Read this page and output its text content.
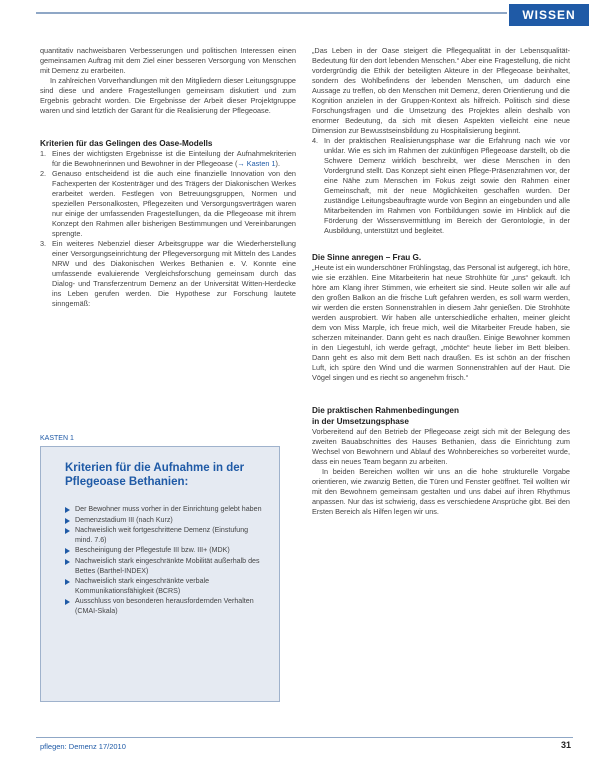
WISSEN

quantitativ nachweisbaren Verbesserungen und politischen Interessen einen gemeinsamen Auftrag mit dem Ziel einer besseren Versorgung von Menschen mit Demenz zu erarbeiten.

In zahlreichen Vorverhandlungen mit den Mitgliedern dieser Leitungsgruppe sind diese und andere Fragestellungen gemeinsam diskutiert und zum Ergebnis gebracht worden. Die Ergebnisse der Arbeit dieser Projektgruppe waren und sind letztlich der Garant für die Realisierung der Pflegeoase.

Kriterien für das Gelingen des Oase-Modells

1. Eines der wichtigsten Ergebnisse ist die Einteilung der Aufnahmekriterien für die Bewohnerinnen und Bewohner in der Pflegeoase (→ Kasten 1).
2. Genauso entscheidend ist die auch eine finanzielle Innovation von den Fachexperten der Kostenträger und des Trägers der Diakonischen Werkes erarbeitet werden. Festlegen von Betreuungsgruppen, Normen und speziellen Personalkosten, Pflegezeiten und Versorgungsverträgen waren nur einige der umfassenden Fragestellungen, da die Pflegeoase mit ihrem Konzept den Rahmen aller bisherigen Bestimmungen und Vereinbarungen sprengte.
3. Ein weiteres Nebenziel dieser Arbeitsgruppe war die Wiederherstellung einer Versorgungseinrichtung der Pflegeversorgung mit Mitteln des Landes NRW und des Diakonischen Werkes Bethanien e. V. Konnte eine umfassende evaluierende Vergleichsforschung gemeinsam durch das Dialog- und Transferzentrum Demenz an der Universität Witten-Herdecke ins Leben gerufen werden. Die Hypothese zur Forschung lautete sinngemäß:
KASTEN 1

Kriterien für die Aufnahme in der Pflegeoase Bethanien:

Der Bewohner muss vorher in der Einrichtung gelebt haben
Demenzstadium III (nach Kurz)
Nachweislich weit fortgeschrittene Demenz (Einstufung mind. 7.6)
Bescheinigung der Pflegestufe III bzw. III+ (MDK)
Nachweislich stark eingeschränkte Mobilität außerhalb des Bettes (Barthel-INDEX)
Nachweislich stark eingeschränkte verbale Kommunikationsfähigkeit (BCRS)
Ausschluss von besonderen herausfordernden Verhalten (CMAI-Skala)

„Das Leben in der Oase steigert die Pflegequalität in der Lebensqualität-Bedeutung für den dort lebenden Menschen.“ Aber eine Fragestellung, die nicht vordergründig die Ethik der beteiligten Akteure in der Pflegeoase beinhaltet, sondern des Wohlbefindens der lebenden Menschen, um dadurch eine Aussage zu treffen, ob den Menschen mit Demenz, deren Orientierung und die Kognition anzielen in der Gruppen-Kontext als hilfreich. Politisch sind diese Forschungsfragen und die Umsetzung des Projektes allein deshalb von enormer Bedeutung, da sich mit diesen Aspekten vielleicht eine neue Dimension zur Bewusstseinsbildung zu Hospitalisierung beginnt.

4. In der praktischen Realisierungsphase war die Erfahrung nach wie vor unklar. Wie es sich im Rahmen der zukünftigen Pflegeoase darstellt, ob die Schwere Demenz wirklich beschreibt, wer diese Menschen in den Vordergrund stellt. Das Konzept sieht einen Pflege-Präsenzrahmen vor, der eine Nähe zum Menschen im Fokus zeigt sowie den Rahmen einer Gemeinschaft, mit der neue Möglichkeiten geschaffen wurden. Der zuständige Leitungsbeauftragte wurde von Beginn an eingebunden und alle Mitarbeitenden im Rahmen von Fortbildungen sowie im Hinblick auf die Förderung der Wissensvermittlung im Bereich der Gerontologie, in der Ausbildung, unterstützt und begleitet.

Die Sinne anregen – Frau G.

„Heute ist ein wunderschöner Frühlingstag, das Personal ist aufgeregt, ich höre, wie sie erzählen. Eine Mitarbeiterin hat neue Strohhüte für „uns“ gekauft. Ich höre am Klang ihrer Stimmen, wie erheitert sie sind. Heute sollen wir alle auf den großen Balkon an die frische Luft gefahren werden, es soll warm werden, wir werden die ersten Sonnenstrahlen in diesem Jahr genießen. Die Strohhüte werden ausprobiert. Wir haben alle unterschiedliche erhalten, meiner gleicht dem von Miss Marple, ich freue mich, weil die Mitarbeiter Freude haben, sie scherzen miteinander. Dann geht es nach draußen. Einige Bewohner kommen in den Liegestuhl, ich werde gefragt, „möchte“ heute lieber im Bett bleiben. Dann geht es also mit dem Bett nach draußen. Es ist schön an der frischen Luft, ich spüre den Wind und die warmen Sonnenstrahlen auf der Haut. Die Vögel singen und es riecht so angenehm frisch.“

Die praktischen Rahmenbedingungen

in der Umsetzungsphase

Vorbereitend auf den Betrieb der Pflegeoase zeigt sich mit der Belegung des zweiten Bauabschnittes des Hauses Bethanien, dass die Einrichtung zum Wechsel von Bewohnern und Ablauf des Wohnbereiches so vorbereitet wurde, dass ein neues Team begann zu arbeiten.

In beiden Bereichen wollten wir uns an die hohe strukturelle Vorgabe orientieren, wie zwanzig Betten, die Türen und Fenster geöffnet. Teil wollten wir mit den Bewohnern gemeinsam gestalten und uns dabei auf ihren Rhythmus anpassen. Nur das ist schwierig, dass es verschiedene Ansprüche gibt. Bei den Ersten Bereich als Hilfen legen wir uns.

pflegen: Demenz 17/2010	31
